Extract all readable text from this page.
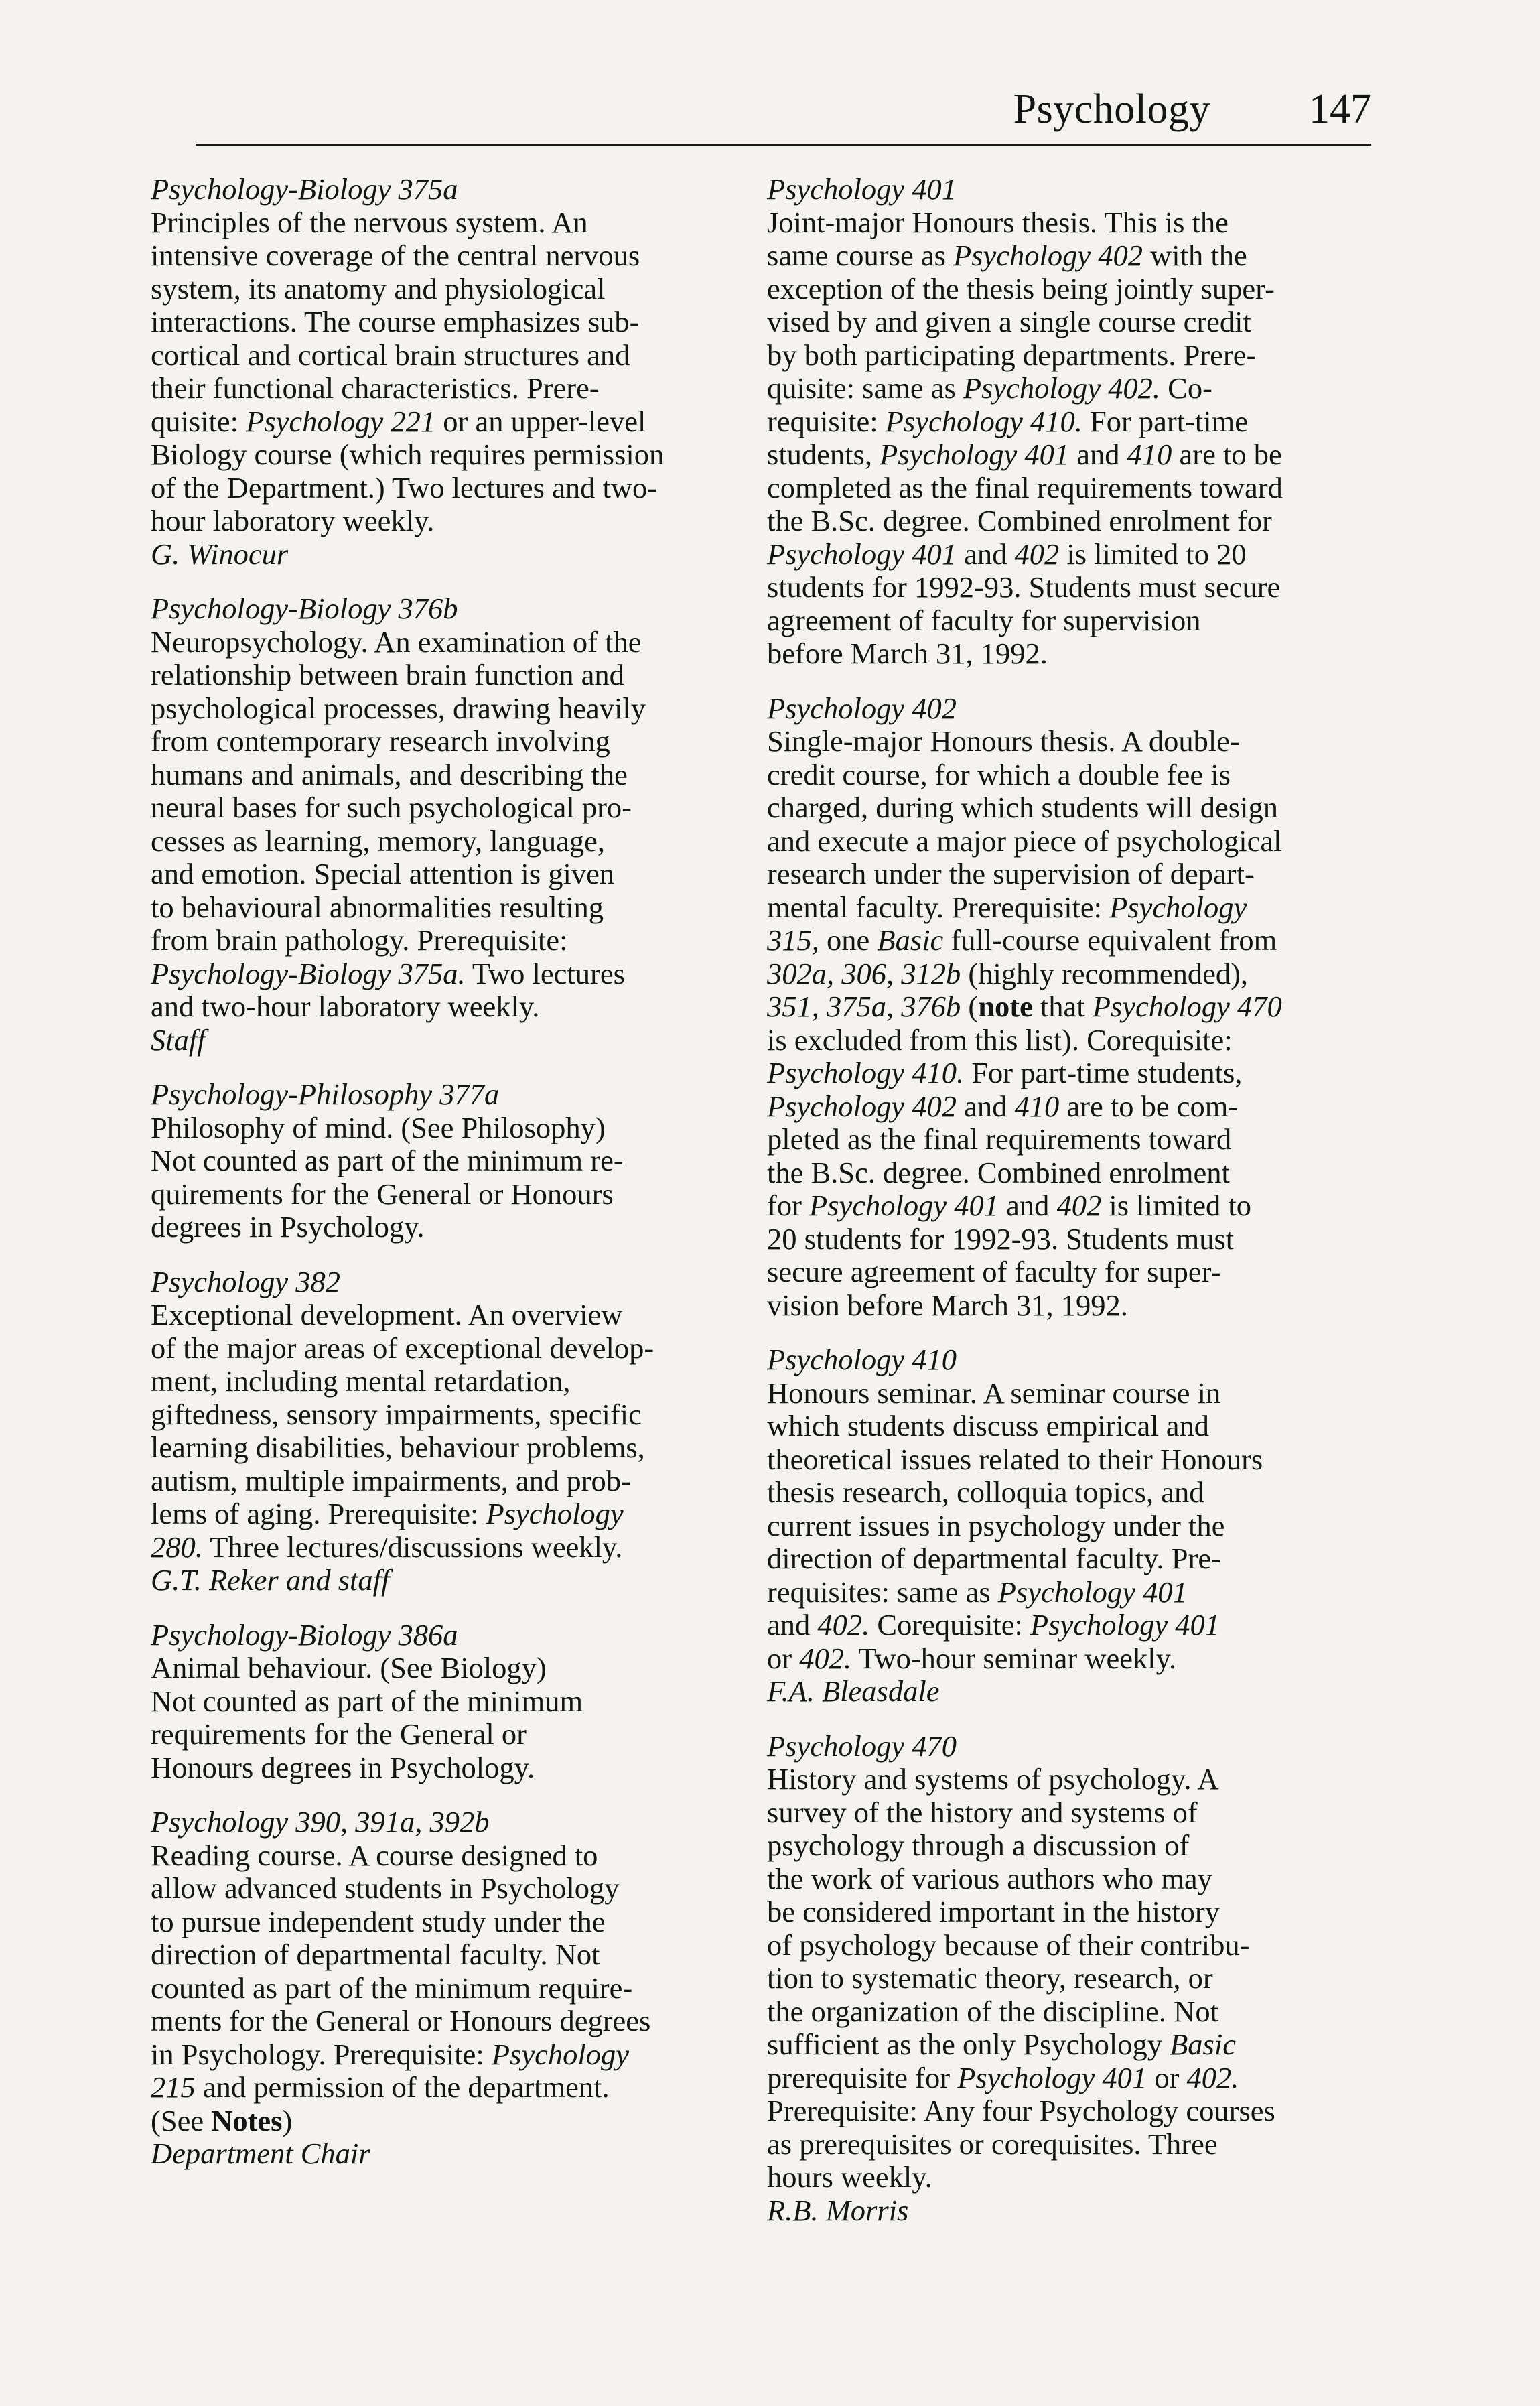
Psychology 147
Psychology-Biology 375a
Principles of the nervous system. An
intensive coverage of the central nervous
system, its anatomy and physiological
interactions. The course emphasizes sub-
cortical and cortical brain structures and
their functional characteristics. Prere-
quisite: Psychology 221 or an upper-level
Biology course (which requires permission
of the Department.) Two lectures and two-
hour laboratory weekly.
G. Winocur
Psychology-Biology 376b
Neuropsychology. An examination of the
relationship between brain function and
psychological processes, drawing heavily
from contemporary research involving
humans and animals, and describing the
neural bases for such psychological pro-
cesses as learning, memory, language,
and emotion. Special attention is given
to behavioural abnormalities resulting
from brain pathology. Prerequisite:
Psychology-Biology 375a. Two lectures
and two-hour laboratory weekly.
Staff
Psychology-Philosophy 377a
Philosophy of mind. (See Philosophy)
Not counted as part of the minimum re-
quirements for the General or Honours
degrees in Psychology.
Psychology 382
Exceptional development. An overview
of the major areas of exceptional develop-
ment, including mental retardation,
giftedness, sensory impairments, specific
learning disabilities, behaviour problems,
autism, multiple impairments, and prob-
lems of aging. Prerequisite: Psychology
280. Three lectures/discussions weekly.
G.T. Reker and staff
Psychology-Biology 386a
Animal behaviour. (See Biology)
Not counted as part of the minimum
requirements for the General or
Honours degrees in Psychology.
Psychology 390, 391a, 392b
Reading course. A course designed to
allow advanced students in Psychology
to pursue independent study under the
direction of departmental faculty. Not
counted as part of the minimum require-
ments for the General or Honours degrees
in Psychology. Prerequisite: Psychology
215 and permission of the department.
(See Notes)
Department Chair
Psychology 401
Joint-major Honours thesis. This is the
same course as Psychology 402 with the
exception of the thesis being jointly super-
vised by and given a single course credit
by both participating departments. Prere-
quisite: same as Psychology 402. Co-
requisite: Psychology 410. For part-time
students, Psychology 401 and 410 are to be
completed as the final requirements toward
the B.Sc. degree. Combined enrolment for
Psychology 401 and 402 is limited to 20
students for 1992-93. Students must secure
agreement of faculty for supervision
before March 31, 1992.
Psychology 402
Single-major Honours thesis. A double-
credit course, for which a double fee is
charged, during which students will design
and execute a major piece of psychological
research under the supervision of depart-
mental faculty. Prerequisite: Psychology
315, one Basic full-course equivalent from
302a, 306, 312b (highly recommended),
351, 375a, 376b (note that Psychology 470
is excluded from this list). Corequisite:
Psychology 410. For part-time students,
Psychology 402 and 410 are to be com-
pleted as the final requirements toward
the B.Sc. degree. Combined enrolment
for Psychology 401 and 402 is limited to
20 students for 1992-93. Students must
secure agreement of faculty for super-
vision before March 31, 1992.
Psychology 410
Honours seminar. A seminar course in
which students discuss empirical and
theoretical issues related to their Honours
thesis research, colloquia topics, and
current issues in psychology under the
direction of departmental faculty. Pre-
requisites: same as Psychology 401
and 402. Corequisite: Psychology 401
or 402. Two-hour seminar weekly.
F.A. Bleasdale
Psychology 470
History and systems of psychology. A
survey of the history and systems of
psychology through a discussion of
the work of various authors who may
be considered important in the history
of psychology because of their contribu-
tion to systematic theory, research, or
the organization of the discipline. Not
sufficient as the only Psychology Basic
prerequisite for Psychology 401 or 402.
Prerequisite: Any four Psychology courses
as prerequisites or corequisites. Three
hours weekly.
R.B. Morris
